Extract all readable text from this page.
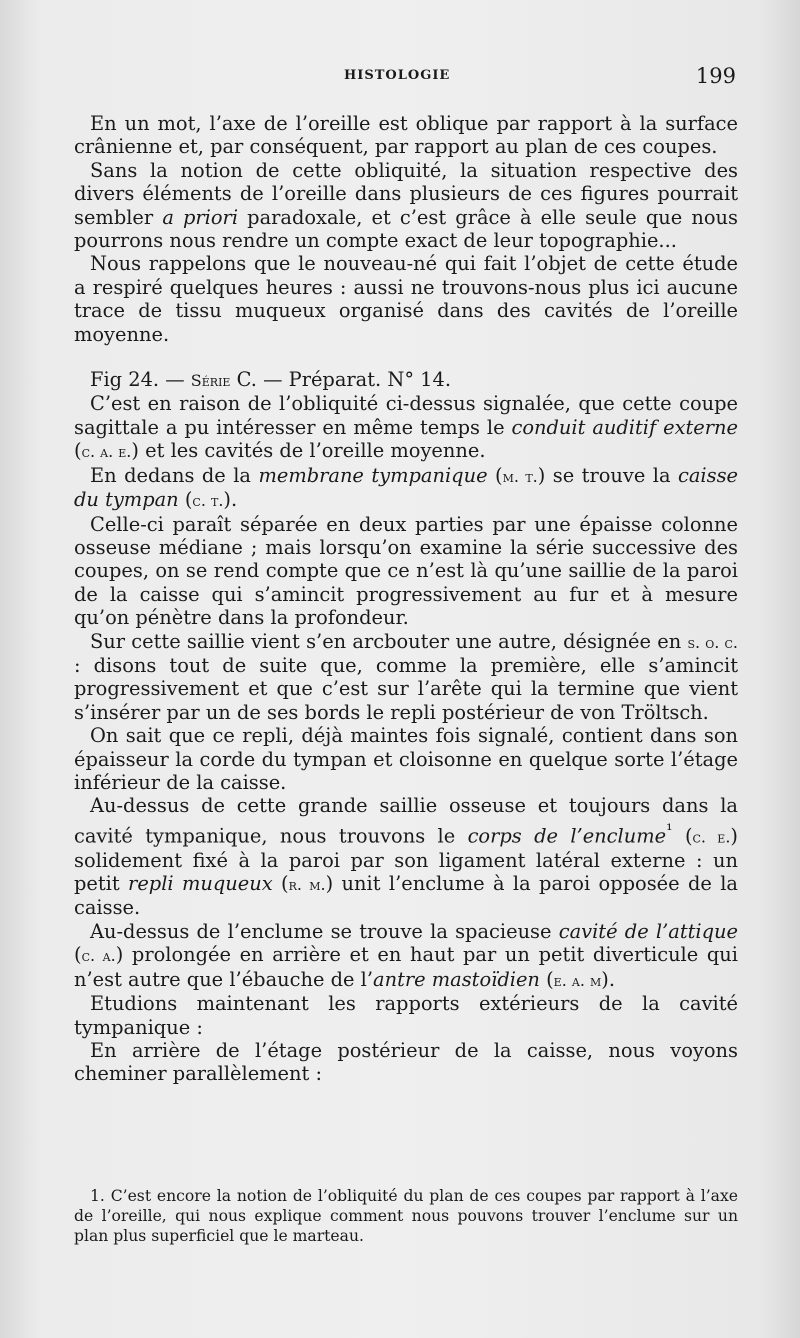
HISTOLOGIE	199

En un mot, l’axe de l’oreille est oblique par rapport à la surface crânienne et, par conséquent, par rapport au plan de ces coupes.

Sans la notion de cette obliquité, la situation respective des divers éléments de l’oreille dans plusieurs de ces figures pourrait sembler a priori paradoxale, et c’est grâce à elle seule que nous pourrons nous rendre un compte exact de leur topographie...

Nous rappelons que le nouveau-né qui fait l’objet de cette étude a respiré quelques heures : aussi ne trouvons-nous plus ici aucune trace de tissu muqueux organisé dans des cavités de l’oreille moyenne.

Fig 24. — Série C. — Préparat. N° 14.

C’est en raison de l’obliquité ci-dessus signalée, que cette coupe sagittale a pu intéresser en même temps le conduit auditif externe (c. a. e.) et les cavités de l’oreille moyenne.

En dedans de la membrane tympanique (m. t.) se trouve la caisse du tympan (c. t.).

Celle-ci paraît séparée en deux parties par une épaisse colonne osseuse médiane ; mais lorsqu’on examine la série successive des coupes, on se rend compte que ce n’est là qu’une saillie de la paroi de la caisse qui s’amincit progressivement au fur et à mesure qu’on pénètre dans la profondeur.

Sur cette saillie vient s’en arcbouter une autre, désignée en s. o. c. : disons tout de suite que, comme la première, elle s’amincit progressivement et que c’est sur l’arête qui la termine que vient s’insérer par un de ses bords le repli postérieur de von Tröltsch.

On sait que ce repli, déjà maintes fois signalé, contient dans son épaisseur la corde du tympan et cloisonne en quelque sorte l’étage inférieur de la caisse.

Au-dessus de cette grande saillie osseuse et toujours dans la cavité tympanique, nous trouvons le corps de l’enclume$^{^1}$ (c. e.) solidement fixé à la paroi par son ligament latéral externe : un petit repli muqueux (r. m.) unit l’enclume à la paroi opposée de la caisse.

Au-dessus de l’enclume se trouve la spacieuse cavité de l’attique (c. a.) prolongée en arrière et en haut par un petit diverticule qui n’est autre que l’ébauche de l’antre mastoïdien (e. a. m).

Etudions maintenant les rapports extérieurs de la cavité tympanique :

En arrière de l’étage postérieur de la caisse, nous voyons cheminer parallèlement :

1. C’est encore la notion de l’obliquité du plan de ces coupes par rapport à l’axe de l’oreille, qui nous explique comment nous pouvons trouver l’enclume sur un plan plus superficiel que le marteau.
